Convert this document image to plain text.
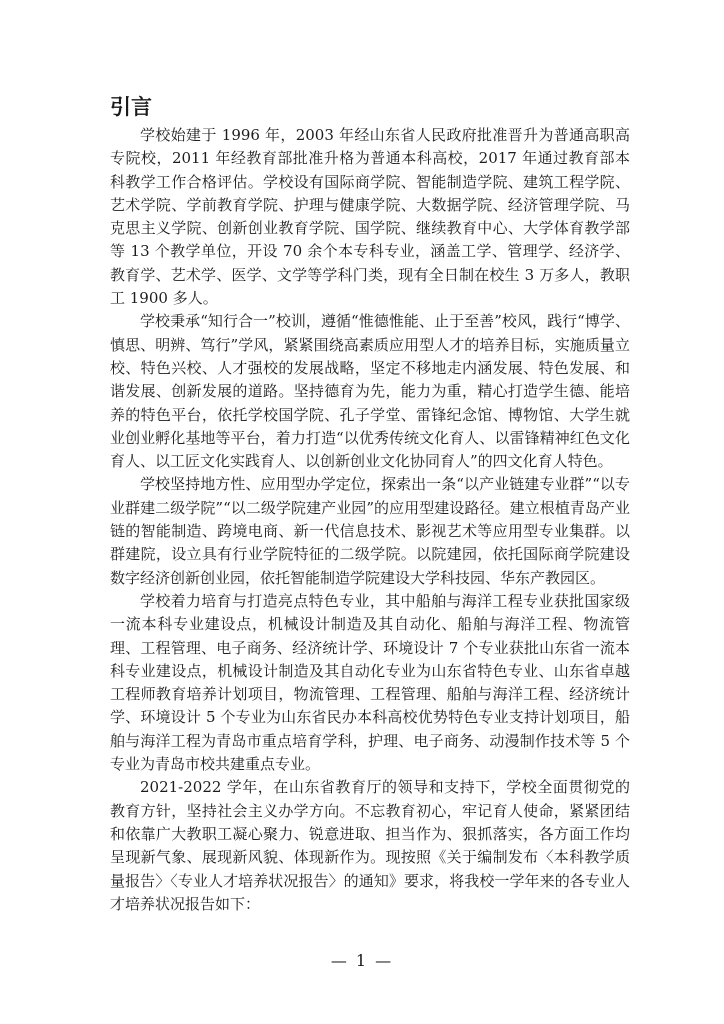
引言

学校始建于 1996 年，2003 年经山东省人民政府批准晋升为普通高职高专院校，2011 年经教育部批准升格为普通本科高校，2017 年通过教育部本科教学工作合格评估。学校设有国际商学院、智能制造学院、建筑工程学院、艺术学院、学前教育学院、护理与健康学院、大数据学院、经济管理学院、马克思主义学院、创新创业教育学院、国学院、继续教育中心、大学体育教学部等 13 个教学单位，开设 70 余个本专科专业，涵盖工学、管理学、经济学、教育学、艺术学、医学、文学等学科门类，现有全日制在校生 3 万多人，教职工 1900 多人。

学校秉承“知行合一”校训，遵循“惟德惟能、止于至善”校风，践行“博学、慎思、明辨、笃行”学风，紧紧围绕高素质应用型人才的培养目标，实施质量立校、特色兴校、人才强校的发展战略，坚定不移地走内涵发展、特色发展、和谐发展、创新发展的道路。坚持德育为先，能力为重，精心打造学生德、能培养的特色平台，依托学校国学院、孔子学堂、雷锋纪念馆、博物馆、大学生就业创业孵化基地等平台，着力打造“以优秀传统文化育人、以雷锋精神红色文化育人、以工匠文化实践育人、以创新创业文化协同育人”的四文化育人特色。

学校坚持地方性、应用型办学定位，探索出一条“以产业链建专业群”“以专业群建二级学院”“以二级学院建产业园”的应用型建设路径。建立根植青岛产业链的智能制造、跨境电商、新一代信息技术、影视艺术等应用型专业集群。以群建院，设立具有行业学院特征的二级学院。以院建园，依托国际商学院建设数字经济创新创业园，依托智能制造学院建设大学科技园、华东产教园区。

学校着力培育与打造亮点特色专业，其中船舶与海洋工程专业获批国家级一流本科专业建设点，机械设计制造及其自动化、船舶与海洋工程、物流管理、工程管理、电子商务、经济统计学、环境设计 7 个专业获批山东省一流本科专业建设点，机械设计制造及其自动化专业为山东省特色专业、山东省卓越工程师教育培养计划项目，物流管理、工程管理、船舶与海洋工程、经济统计学、环境设计 5 个专业为山东省民办本科高校优势特色专业支持计划项目，船舶与海洋工程为青岛市重点培育学科，护理、电子商务、动漫制作技术等 5 个专业为青岛市校共建重点专业。

2021-2022 学年，在山东省教育厅的领导和支持下，学校全面贯彻党的教育方针，坚持社会主义办学方向。不忘教育初心，牢记育人使命，紧紧团结和依靠广大教职工凝心聚力、锐意进取、担当作为、狠抓落实，各方面工作均呈现新气象、展现新风貌、体现新作为。现按照《关于编制发布〈本科教学质量报告〉〈专业人才培养状况报告〉的通知》要求，将我校一学年来的各专业人才培养状况报告如下：

— 1 —
